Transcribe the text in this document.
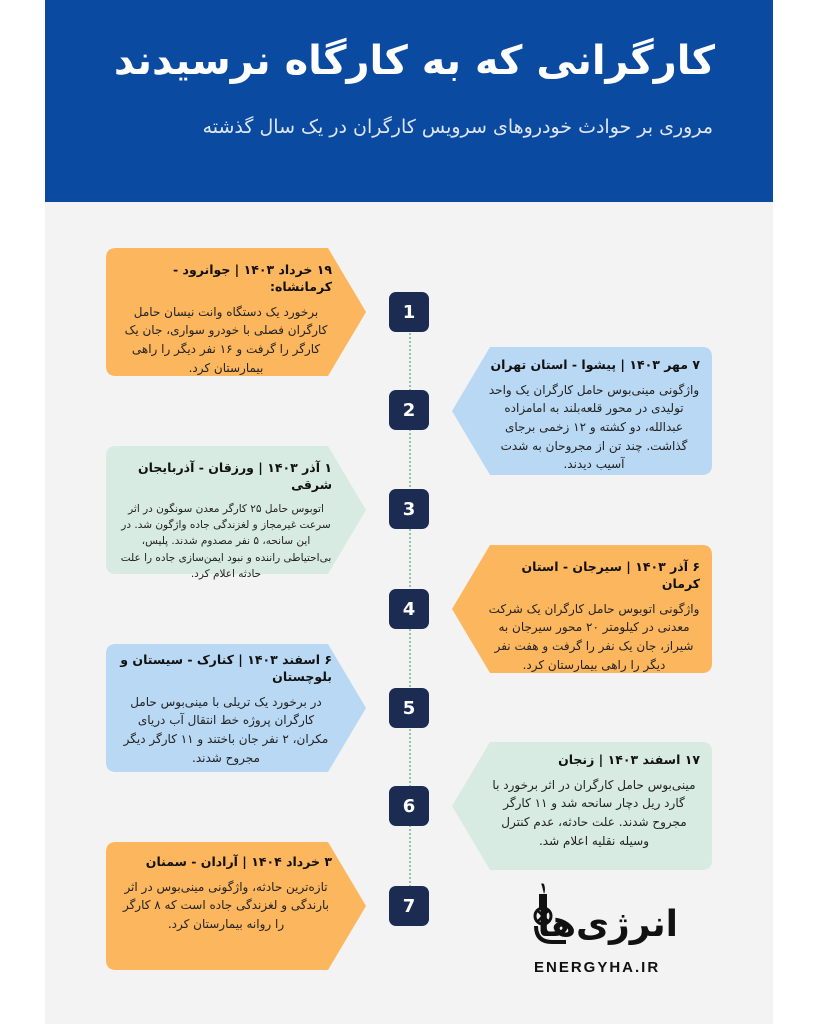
کارگرانی که به کارگاه نرسیدند
مروری بر حوادث خودروهای سرویس کارگران در یک سال گذشته
1
2
3
4
5
6
7
۱۹ خرداد ۱۴۰۳ | جوانرود - کرمانشاه:
برخورد یک دستگاه وانت نیسان حامل کارگران فصلی با خودرو سواری، جان یک کارگر را گرفت و ۱۶ نفر دیگر را راهی بیمارستان کرد.	۷ مهر ۱۴۰۳ | پیشوا - استان تهران
واژگونی مینی‌بوس حامل کارگران یک واحد تولیدی در محور قلعه‌بلند به امامزاده عبدالله، دو کشته و ۱۲ زخمی برجای گذاشت. چند تن از مجروحان به شدت آسیب دیدند.
۱ آذر ۱۴۰۳ | ورزقان - آذربایجان شرقی
اتوبوس حامل ۲۵ کارگر معدن سونگون در اثر سرعت غیرمجاز و لغزندگی جاده واژگون شد. در این سانحه، ۵ نفر مصدوم شدند. پلیس، بی‌احتیاطی راننده و نبود ایمن‌سازی جاده را علت حادثه اعلام کرد.	۶ آذر ۱۴۰۳ | سیرجان - استان کرمان
واژگونی اتوبوس حامل کارگران یک شرکت معدنی در کیلومتر ۲۰ محور سیرجان به شیراز، جان یک نفر را گرفت و هفت نفر دیگر را راهی بیمارستان کرد.
۶ اسفند ۱۴۰۳ | کنارک - سیستان و بلوچستان
در برخورد یک تریلی با مینی‌بوس حامل کارگران پروژه خط انتقال آب دریای مکران، ۲ نفر جان باختند و ۱۱ کارگر دیگر مجروح شدند.	۱۷ اسفند ۱۴۰۳ | زنجان
مینی‌بوس حامل کارگران در اثر برخورد با گارد ریل دچار سانحه شد و ۱۱ کارگر مجروح شدند. علت حادثه، عدم کنترل وسیله نقلیه اعلام شد.
۳ خرداد ۱۴۰۴ | آرادان - سمنان
تازه‌ترین حادثه، واژگونی مینی‌بوس در اثر بارندگی و لغزندگی جاده است که ۸ کارگر را روانه بیمارستان کرد.	انرژی‌ها
ENERGYHA.IR
